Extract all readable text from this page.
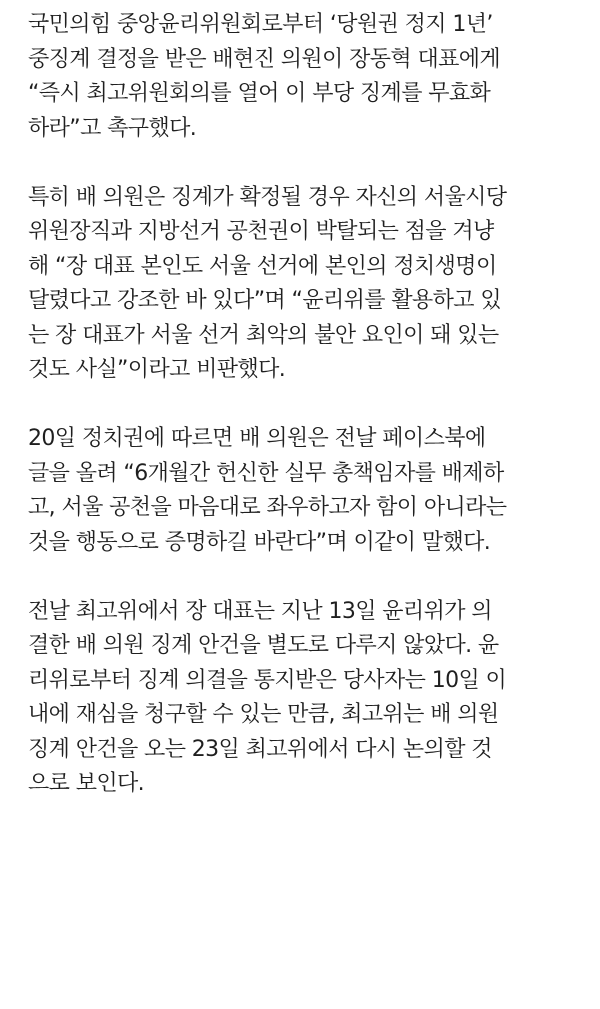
국민의힘 중앙윤리위원회로부터 ‘당원권 정지 1년’
중징계 결정을 받은 배현진 의원이 장동혁 대표에게
“즉시 최고위원회의를 열어 이 부당 징계를 무효화
하라”고 촉구했다.

특히 배 의원은 징계가 확정될 경우 자신의 서울시당
위원장직과 지방선거 공천권이 박탈되는 점을 겨냥
해 “장 대표 본인도 서울 선거에 본인의 정치생명이
달렸다고 강조한 바 있다”며 “윤리위를 활용하고 있
는 장 대표가 서울 선거 최악의 불안 요인이 돼 있는
것도 사실”이라고 비판했다.

20일 정치권에 따르면 배 의원은 전날 페이스북에
글을 올려 “6개월간 헌신한 실무 총책임자를 배제하
고, 서울 공천을 마음대로 좌우하고자 함이 아니라는
것을 행동으로 증명하길 바란다”며 이같이 말했다.

전날 최고위에서 장 대표는 지난 13일 윤리위가 의
결한 배 의원 징계 안건을 별도로 다루지 않았다. 윤
리위로부터 징계 의결을 통지받은 당사자는 10일 이
내에 재심을 청구할 수 있는 만큼, 최고위는 배 의원
징계 안건을 오는 23일 최고위에서 다시 논의할 것
으로 보인다.
